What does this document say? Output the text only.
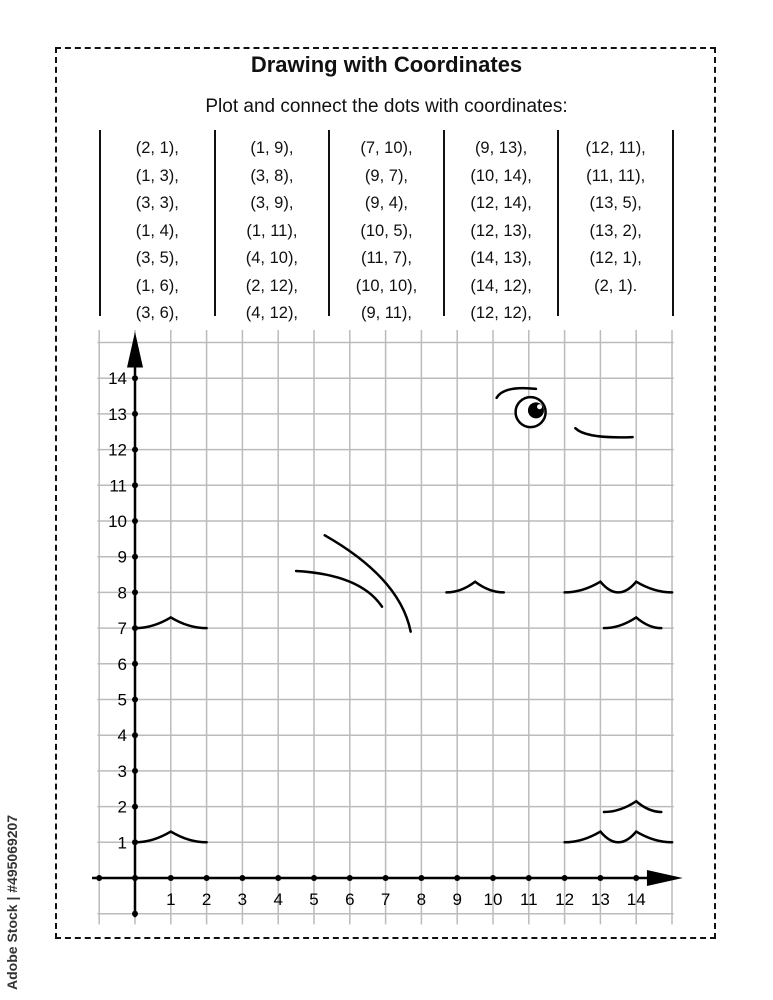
Drawing with Coordinates
Plot and connect the dots with coordinates:
(2, 1),
(1, 3),
(3, 3),
(1, 4),
(3, 5),
(1, 6),
(3, 6),
(1, 9),
(3, 8),
(3, 9),
(1, 11),
(4, 10),
(2, 12),
(4, 12),
(7, 10),
(9, 7),
(9, 4),
(10, 5),
(11, 7),
(10, 10),
(9, 11),
(9, 13),
(10, 14),
(12, 14),
(12, 13),
(14, 13),
(14, 12),
(12, 12),
(12, 11),
(11, 11),
(13, 5),
(13, 2),
(12, 1),
(2, 1).
1 2 3 4 5 6 7 8 9 10 11 12 13 14
1
2
3
4
5
6
7
8
9
10
11
12
13
14
Adobe Stock | #495069207
